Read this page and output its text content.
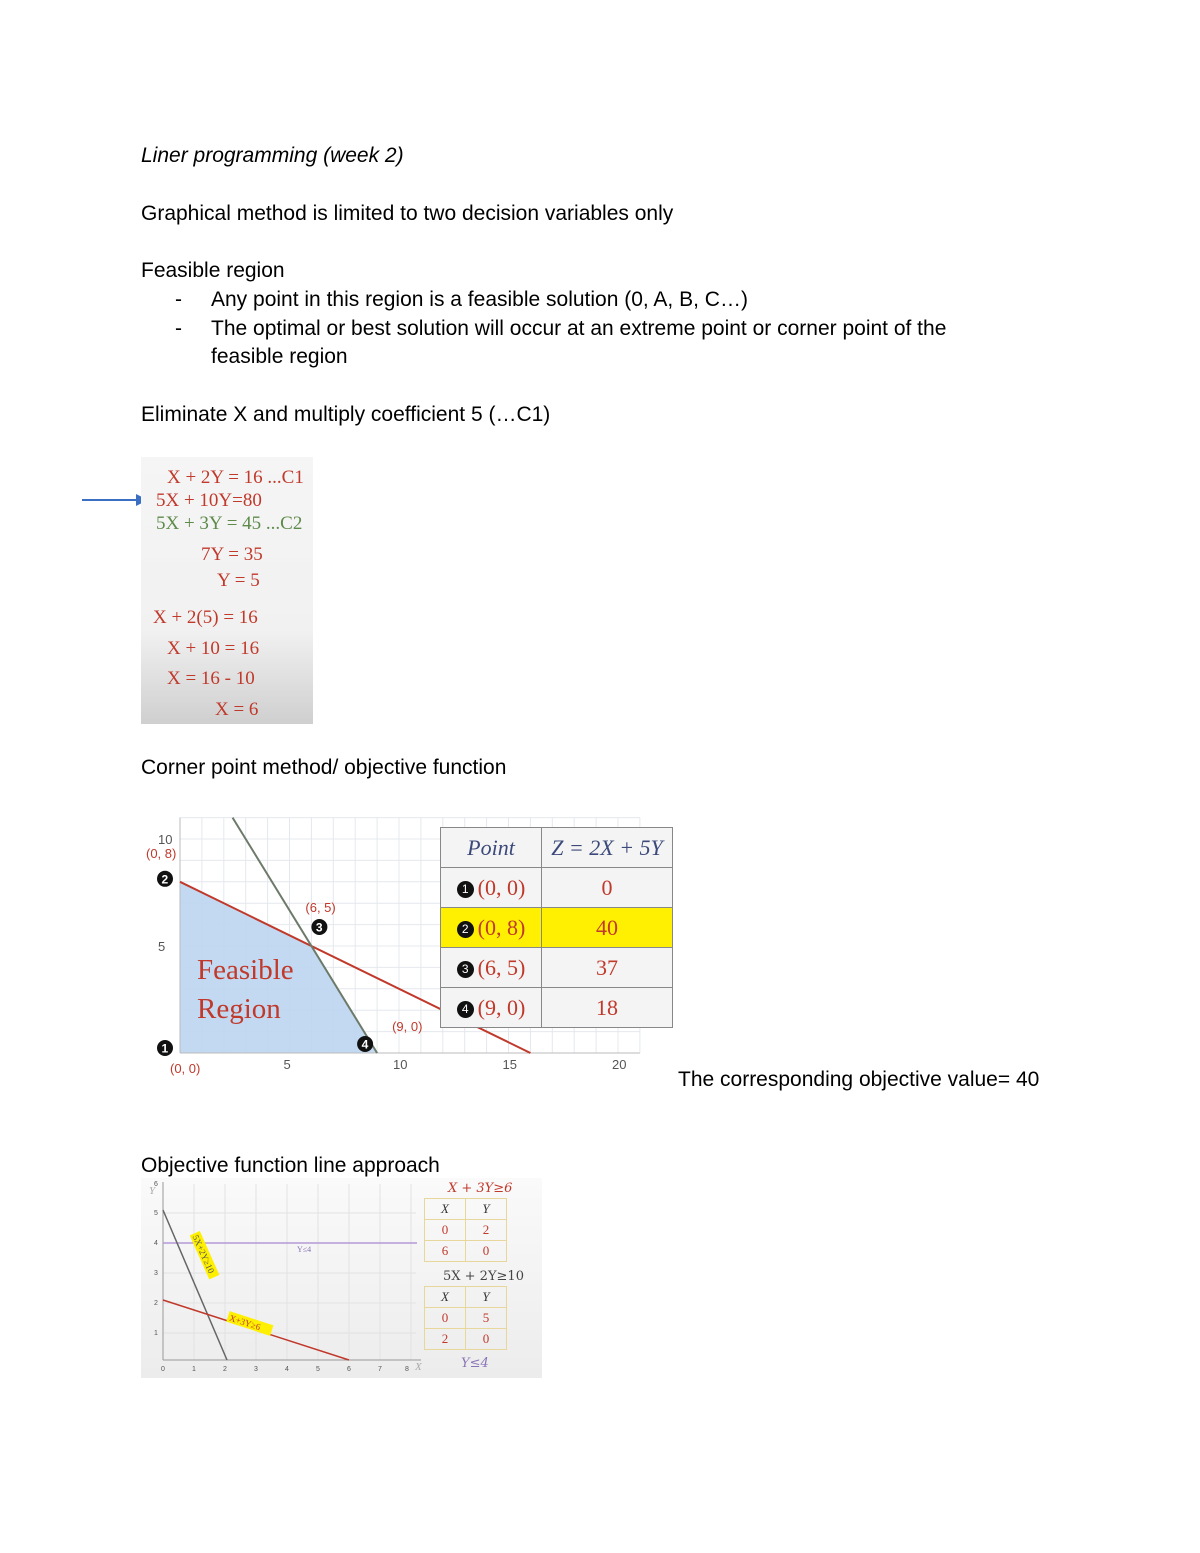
Liner programming (week 2)
Graphical method is limited to two decision variables only
Feasible region
- Any point in this region is a feasible solution (0, A, B, C…)
- The optimal or best solution will occur at an extreme point or corner point of the
feasible region
Eliminate X and multiply coefficient 5 (…C1)
X + 2Y = 16 ...C1
5X + 10Y=80
5X + 3Y = 45 ...C2
7Y = 35
Y = 5
X + 2(5) = 16
X + 10 = 16
X = 16 - 10
X = 6
Corner point method/ objective function
5	10	15	20
5
10
Feasible
Region
1
(0, 0)
2
(0, 8)
3
(6, 5)
4
(9, 0)
Point	Z = 2X + 5Y
1 (0, 0)	0
2 (0, 8)	40
3 (6, 5)	37
4 (9, 0)	18
The corresponding objective value= 40
Objective function line approach
Y
X
0	1	2	3	4	5	6	7	8
1
2
3
4
5
6
Y≤4
5X+2Y≥10
X+3Y≥6
X + 3Y≥6
X	Y
0	2
6	0
5X + 2Y≥10
X	Y
0	5
2	0
Y≤4
